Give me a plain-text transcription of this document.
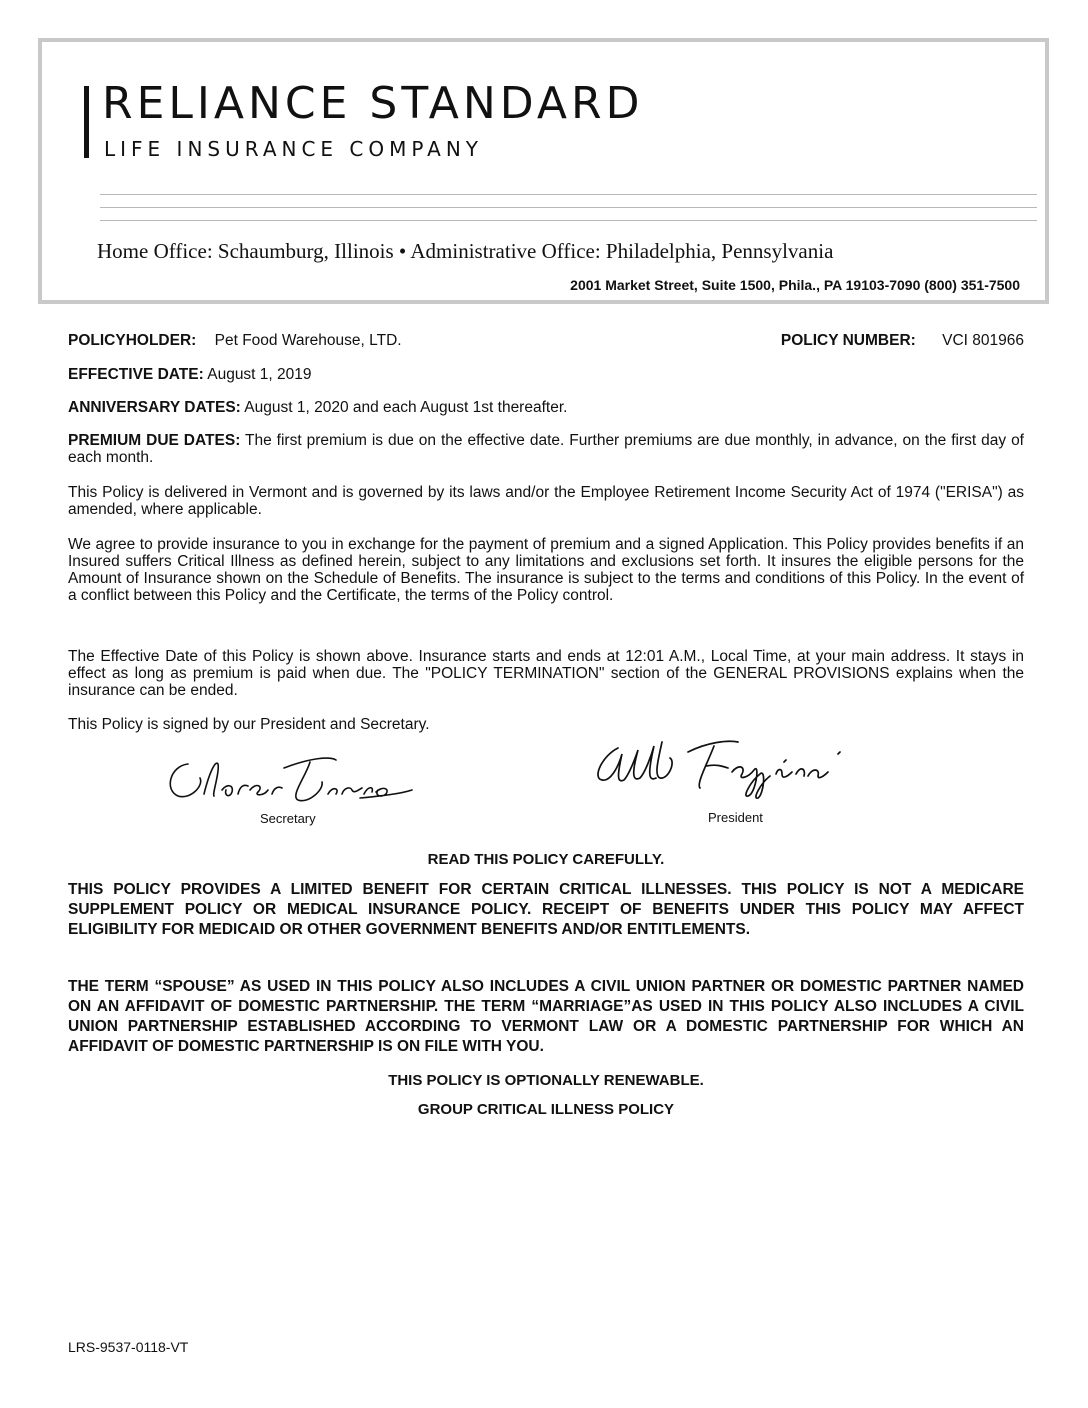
RELIANCE STANDARD
LIFE INSURANCE COMPANY
Home Office: Schaumburg, Illinois • Administrative Office: Philadelphia, Pennsylvania
2001 Market Street, Suite 1500, Phila., PA 19103-7090 (800) 351-7500
POLICYHOLDER: Pet Food Warehouse, LTD.	POLICY NUMBER: VCI 801966
EFFECTIVE DATE: August 1, 2019
ANNIVERSARY DATES: August 1, 2020 and each August 1st thereafter.
PREMIUM DUE DATES: The first premium is due on the effective date. Further premiums are due monthly, in advance, on the first day of each month.
This Policy is delivered in Vermont and is governed by its laws and/or the Employee Retirement Income Security Act of 1974 ("ERISA") as amended, where applicable.
We agree to provide insurance to you in exchange for the payment of premium and a signed Application. This Policy provides benefits if an Insured suffers Critical Illness as defined herein, subject to any limitations and exclusions set forth. It insures the eligible persons for the Amount of Insurance shown on the Schedule of Benefits. The insurance is subject to the terms and conditions of this Policy. In the event of a conflict between this Policy and the Certificate, the terms of the Policy control.
The Effective Date of this Policy is shown above. Insurance starts and ends at 12:01 A.M., Local Time, at your main address. It stays in effect as long as premium is paid when due. The "POLICY TERMINATION" section of the GENERAL PROVISIONS explains when the insurance can be ended.
This Policy is signed by our President and Secretary.
Secretary	President
READ THIS POLICY CAREFULLY.
THIS POLICY PROVIDES A LIMITED BENEFIT FOR CERTAIN CRITICAL ILLNESSES. THIS POLICY IS NOT A MEDICARE SUPPLEMENT POLICY OR MEDICAL INSURANCE POLICY. RECEIPT OF BENEFITS UNDER THIS POLICY MAY AFFECT ELIGIBILITY FOR MEDICAID OR OTHER GOVERNMENT BENEFITS AND/OR ENTITLEMENTS.
THE TERM “SPOUSE” AS USED IN THIS POLICY ALSO INCLUDES A CIVIL UNION PARTNER OR DOMESTIC PARTNER NAMED ON AN AFFIDAVIT OF DOMESTIC PARTNERSHIP. THE TERM “MARRIAGE”AS USED IN THIS POLICY ALSO INCLUDES A CIVIL UNION PARTNERSHIP ESTABLISHED ACCORDING TO VERMONT LAW OR A DOMESTIC PARTNERSHIP FOR WHICH AN AFFIDAVIT OF DOMESTIC PARTNERSHIP IS ON FILE WITH YOU.
THIS POLICY IS OPTIONALLY RENEWABLE.
GROUP CRITICAL ILLNESS POLICY
LRS-9537-0118-VT
